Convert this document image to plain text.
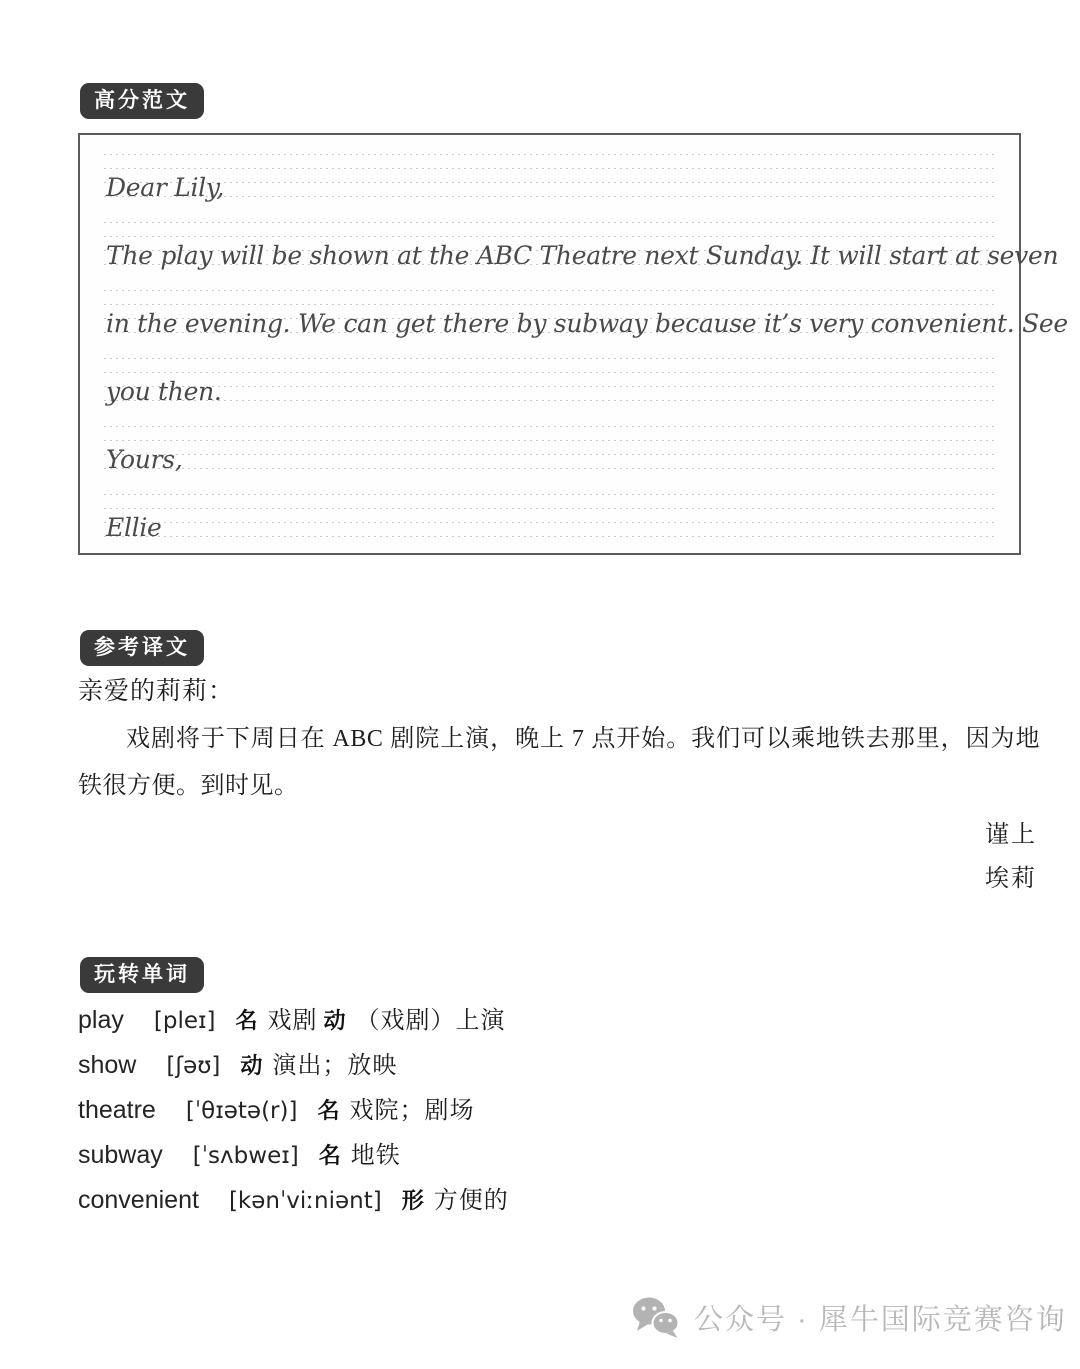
高分范文
Dear Lily,
The play will be shown at the ABC Theatre next Sunday. It will start at seven
in the evening. We can get there by subway because it’s very convenient. See
you then.
Yours,
Ellie
参考译文
亲爱的莉莉：
戏剧将于下周日在 ABC 剧院上演，晚上 7 点开始。我们可以乘地铁去那里，因为地铁很方便。到时见。
谨上
埃莉
玩转单词
play [pleɪ] 名 戏剧 动 （戏剧）上演
show [ʃəʊ] 动 演出；放映
theatre [ˈθɪətə(r)] 名 戏院；剧场
subway [ˈsʌbweɪ] 名 地铁
convenient [kənˈviːniənt] 形 方便的
公众号 · 犀牛国际竞赛咨询
